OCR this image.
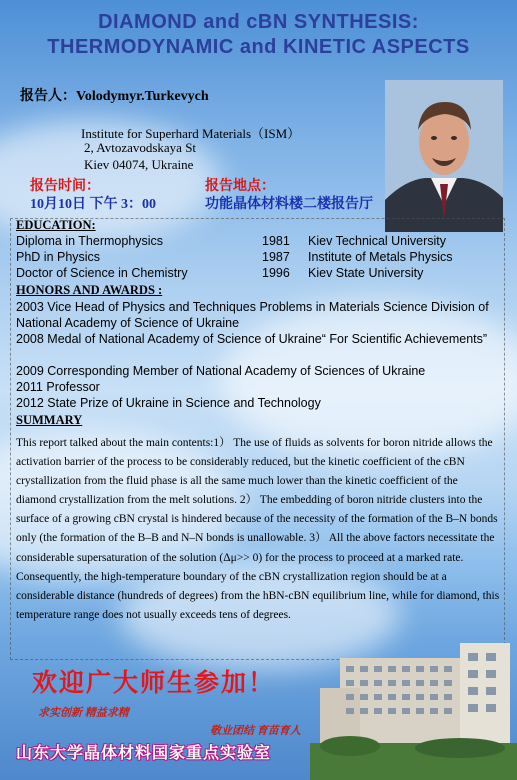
DIAMOND and cBN SYNTHESIS:
THERMODYNAMIC and KINETIC ASPECTS
报告人：Volodymyr.Turkevych
Institute for Superhard Materials（ISM）
2, Avtozavodskaya St
Kiev 04074, Ukraine
报告时间：
10月10日 下午 3：00
报告地点：
功能晶体材料楼二楼报告厅
EDUCATION:
Diploma in Thermophysics	1981 Kiev Technical University
PhD in Physics	1987 Institute of Metals Physics
Doctor of Science in Chemistry	1996 Kiev State University
HONORS AND AWARDS :
2003 Vice Head of Physics and Techniques Problems in Materials Science Division of National Academy of Science of Ukraine
2008 Medal of National Academy of Science of Ukraine“ For Scientific Achievements”
2009 Corresponding Member of National Academy of Sciences of Ukraine
2011 Professor
2012 State Prize of Ukraine in Science and Technology
SUMMARY
This report talked about the main contents:1） The use of fluids as solvents for boron nitride allows the activation barrier of the process to be considerably reduced, but the kinetic coefficient of the cBN crystallization from the fluid phase is all the same much lower than the kinetic coefficient of the diamond crystallization from the melt solutions. 2） The embedding of boron nitride clusters into the surface of a growing cBN crystal is hindered because of the necessity of the formation of the B–N bonds only (the formation of the B–B and N–N bonds is unallowable. 3） All the above factors necessitate the considerable supersaturation of the solution (Δμ>> 0) for the process to proceed at a marked rate. Consequently, the high-temperature boundary of the cBN crystallization region should be at a considerable distance (hundreds of degrees) from the hBN-cBN equilibrium line, while for diamond, this temperature range does not usually exceeds tens of degrees.
欢迎广大师生参加！
求实创新 精益求精
敬业团结 育苗育人
山东大学晶体材料国家重点实验室
